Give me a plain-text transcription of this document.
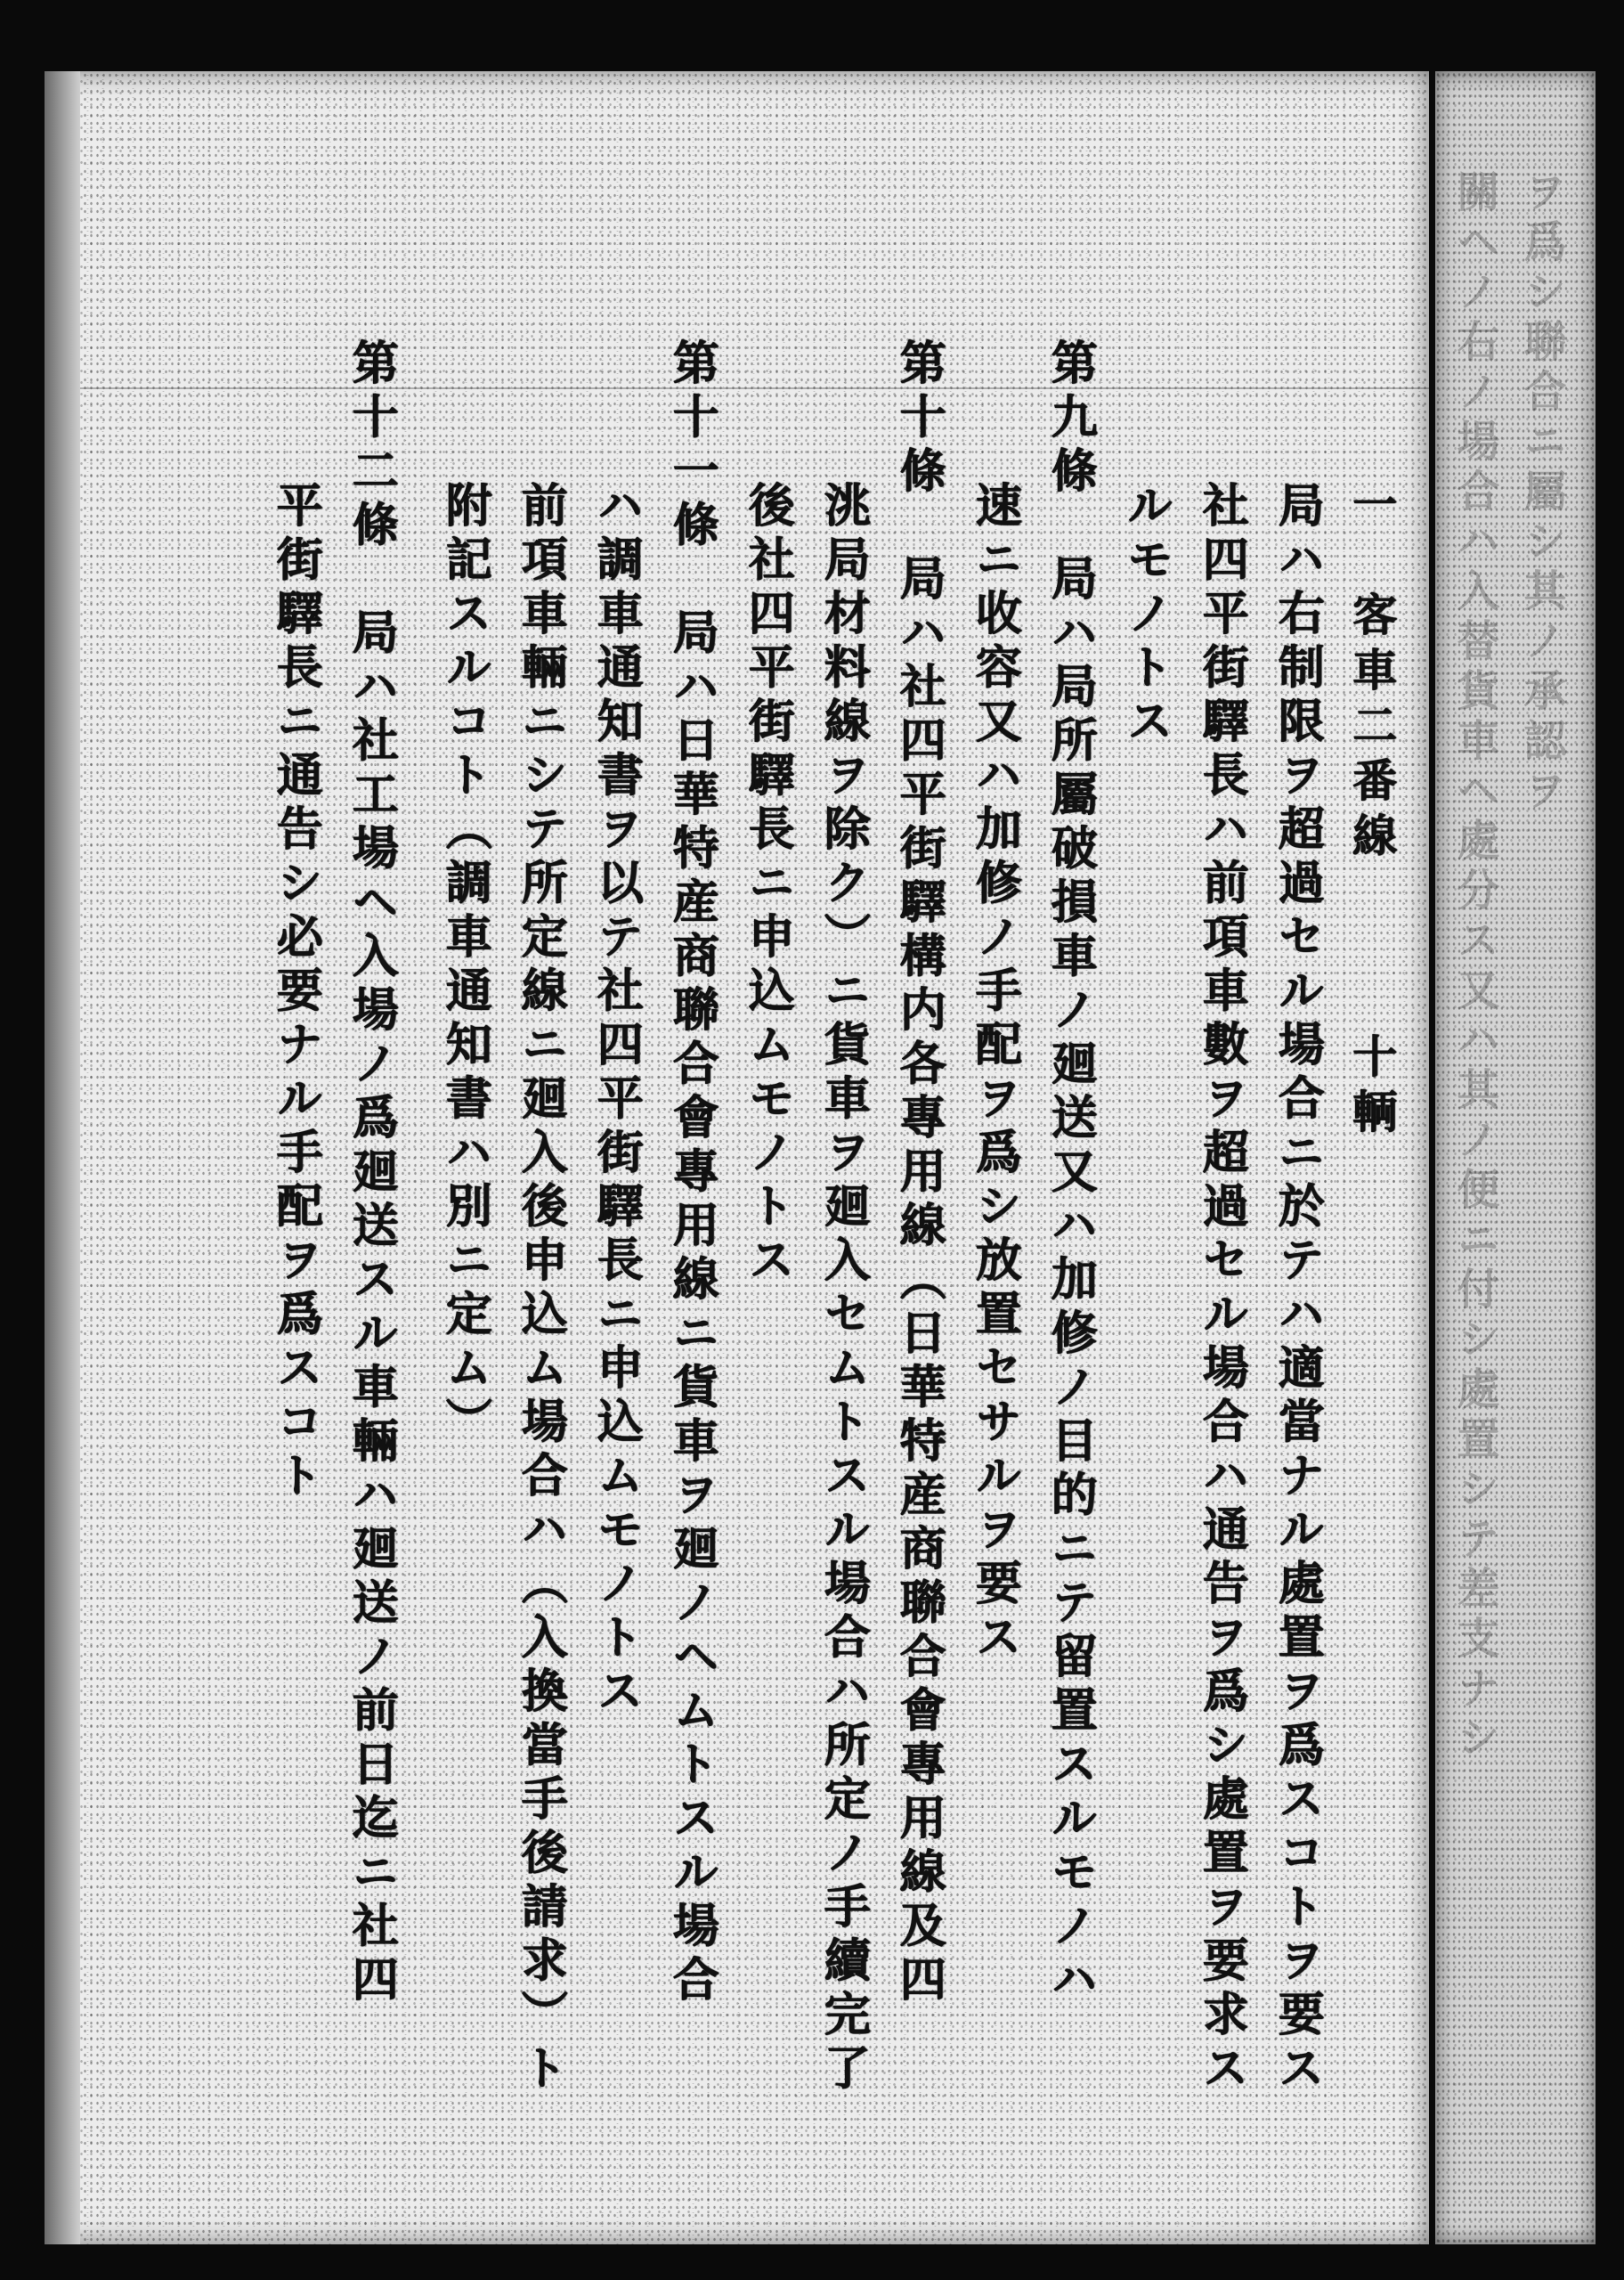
一　客車二番線　　　十輌
局ハ右制限ヲ超過セル場合ニ於テハ適當ナル處置ヲ爲スコトヲ要ス
社四平街驛長ハ前項車數ヲ超過セル場合ハ通告ヲ爲シ處置ヲ要求ス
ルモノトス
第九條　局ハ局所屬破損車ノ廻送又ハ加修ノ目的ニテ留置スルモノハ
速ニ收容又ハ加修ノ手配ヲ爲シ放置セサルヲ要ス
第十條　局ハ社四平街驛構内各專用線（日華特産商聯合會專用線及四
洮局材料線ヲ除ク）ニ貨車ヲ廻入セムトスル場合ハ所定ノ手續完了
後社四平街驛長ニ申込ムモノトス
第十一條　局ハ日華特産商聯合會專用線ニ貨車ヲ廻ノヘムトスル場合
ハ調車通知書ヲ以テ社四平街驛長ニ申込ムモノトス
前項車輛ニシテ所定線ニ廻入後申込ム場合ハ（入換當手後請求）ト
附記スルコト（調車通知書ハ別ニ定ム）
第十二條　局ハ社工場ヘ入場ノ爲廻送スル車輛ハ廻送ノ前日迄ニ社四
平街驛長ニ通告シ必要ナル手配ヲ爲スコト	ヲ爲シ聯合ニ屬シ其ノ承認ヲ
關ヘノ右ノ場合ハ入替貨車ヘ處分ス又ハ其ノ便ニ付シ處置シテ差支ナシ
